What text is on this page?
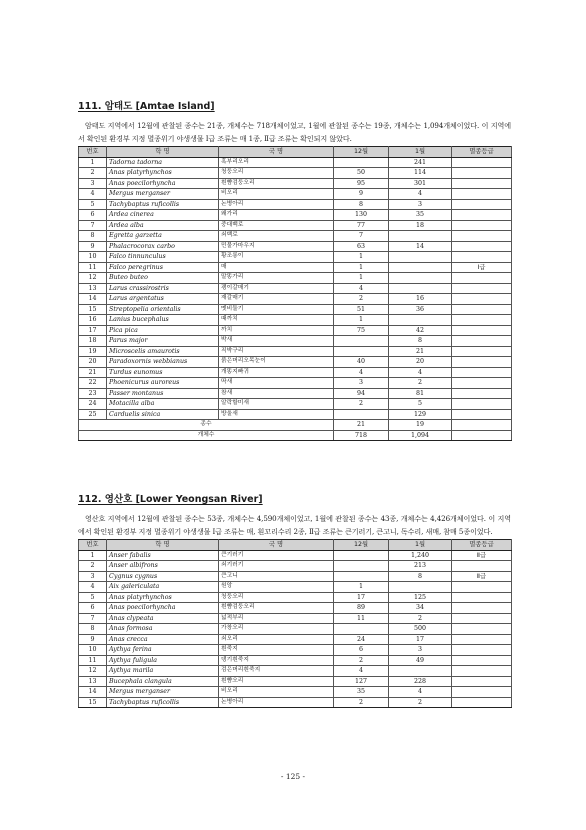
111. 암태도 [Amtae Island]
암태도 지역에서 12월에 관찰된 종수는 21종, 개체수는 718개체이었고, 1월에 관찰된 종수는 19종, 개체수는 1,094개체이었다. 이 지역에서 확인된 환경부 지정 멸종위기 야생생물 Ⅰ급 조류는 매 1종, Ⅱ급 조류는 확인되지 않았다.
번호	학 명	국 명	12월	1월	멸종등급
1	Tadorna tadorna	혹부리오리		241	
2	Anas platyrhynchos	청둥오리	50	114	
3	Anas poecilorhyncha	흰뺨검둥오리	95	301	
4	Mergus merganser	비오리	9	4	
5	Tachybaptus ruficollis	논병아리	8	3	
6	Ardea cinerea	왜가리	130	35	
7	Ardea alba	중대백로	77	18	
8	Egretta garzetta	쇠백로	7		
9	Phalacrocorax carbo	민물가마우지	63	14	
10	Falco tinnunculus	황조롱이	1		
11	Falco peregrinus	매	1		Ⅰ급
12	Buteo buteo	말똥가리	1		
13	Larus crassirostris	괭이갈매기	4		
14	Larus argentatus	재갈매기	2	16	
15	Streptopelia orientalis	멧비둘기	51	36	
16	Lanius bucephalus	때까치	1		
17	Pica pica	까치	75	42	
18	Parus major	박새		8	
19	Microscelis amaurotis	직박구리		21	
20	Paradoxornis webbianus	붉은머리오목눈이	40	20	
21	Turdus eunomus	개똥지빠귀	4	4	
22	Phoenicurus auroreus	딱새	3	2	
23	Passer montanus	참새	94	81	
24	Motacilla alba	알락할미새	2	5	
25	Carduelis sinica	방울새		129	
종수			21	19	
개체수			718	1,094	
112. 영산호 [Lower Yeongsan River]
영산호 지역에서 12월에 관찰된 종수는 53종, 개체수는 4,590개체이었고, 1월에 관찰된 종수는 43종, 개체수는 4,426개체이었다. 이 지역에서 확인된 환경부 지정 멸종위기 야생생물 Ⅰ급 조류는 매, 흰꼬리수리 2종, Ⅱ급 조류는 큰기러기, 큰고니, 독수리, 새매, 참매 5종이었다.
번호	학 명	국 명	12월	1월	멸종등급
1	Anser fabalis	큰기러기		1,240	Ⅱ급
2	Anser albifrons	쇠기러기		213	
3	Cygnus cygnus	큰고니		8	Ⅱ급
4	Aix galericulata	원앙	1		
5	Anas platyrhynchos	청둥오리	17	125	
6	Anas poecilorhyncha	흰뺨검둥오리	89	34	
7	Anas clypeata	넓적부리	11	2	
8	Anas formosa	가창오리		500	
9	Anas crecca	쇠오리	24	17	
10	Aythya ferina	흰죽지	6	3	
11	Aythya fuligula	댕기흰죽지	2	49	
12	Aythya marila	검은머리흰죽지	4		
13	Bucephala clangula	흰뺨오리	127	228	
14	Mergus merganser	비오리	35	4	
15	Tachybaptus ruficollis	논병아리	2	2	
- 125 -
